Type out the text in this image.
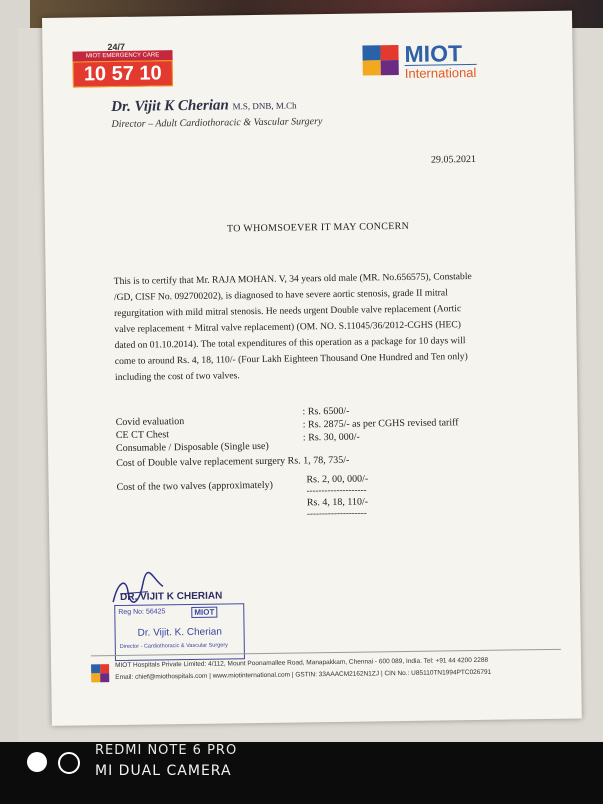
24/7
MIOT EMERGENCY CARE
10 57 10
MIOT
International
Dr. Vijit K Cherian M.S, DNB, M.Ch
Director – Adult Cardiothoracic & Vascular Surgery
29.05.2021
TO WHOMSOEVER IT MAY CONCERN
This is to certify that Mr. RAJA MOHAN. V, 34 years old male (MR. No.656575), Constable
/GD, CISF No. 092700202), is diagnosed to have severe aortic stenosis, grade II mitral
regurgitation with mild mitral stenosis. He needs urgent Double valve replacement (Aortic
valve replacement + Mitral valve replacement) (OM. NO. S.11045/36/2012-CGHS (HEC)
dated on 01.10.2014). The total expenditures of this operation as a package for 10 days will
come to around Rs. 4, 18, 110/- (Four Lakh Eighteen Thousand One Hundred and Ten only)
including the cost of two valves.
Covid evaluation
: Rs. 6500/-
CE CT Chest
: Rs. 2875/- as per CGHS revised tariff
Consumable / Disposable (Single use)
: Rs. 30, 000/-
Cost of Double valve replacement surgery Rs. 1, 78, 735/-
Cost of the two valves (approximately)
Rs. 2, 00, 000/-
--------------------
Rs. 4, 18, 110/-
--------------------
DR. VIJIT K CHERIAN
Reg No: 56425	MIOT
Dr. Vijit. K. Cherian
Director - Cardiothoracic & Vascular Surgery
MIOT Hospitals Private Limited: 4/112, Mount Poonamallee Road, Manapakkam, Chennai - 600 089, India. Tel: +91 44 4200 2288
Email: chief@miothospitals.com | www.miotinternational.com | GSTIN: 33AAACM2162N1ZJ | CIN No.: U85110TN1994PTC026791
REDMI NOTE 6 PRO
MI DUAL CAMERA
